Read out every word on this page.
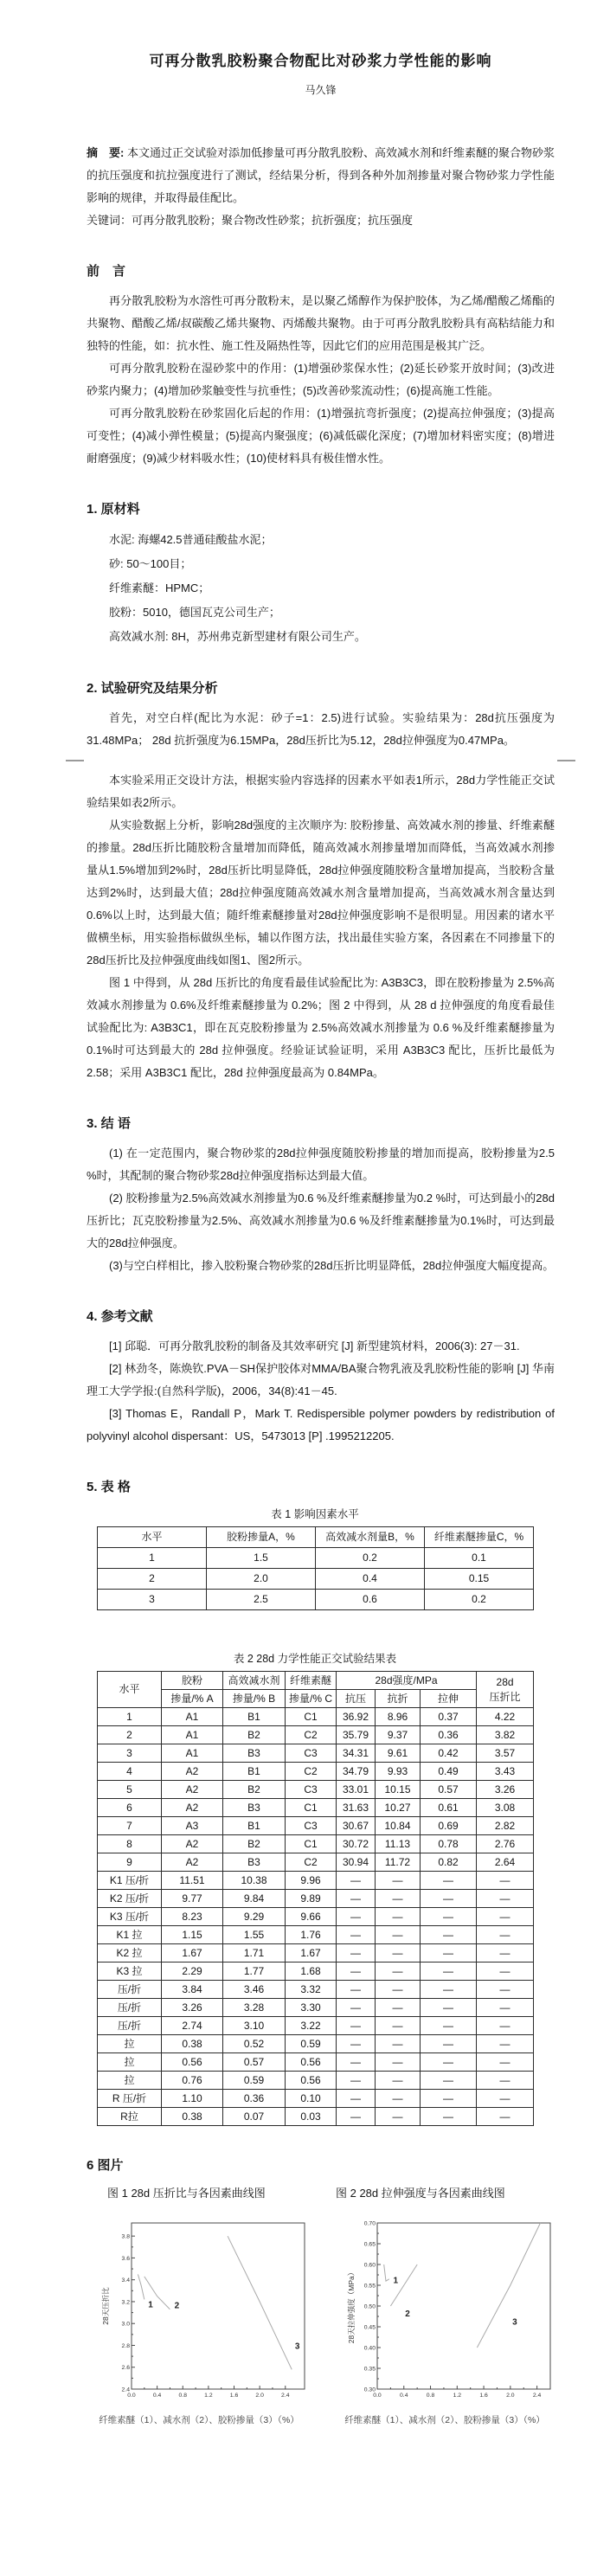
可再分散乳胶粉聚合物配比对砂浆力学性能的影响
马久锋

摘　要: 本文通过正交试验对添加低掺量可再分散乳胶粉、高效减水剂和纤维素醚的聚合物砂浆的抗压强度和抗拉强度进行了测试，经结果分析，得到各种外加剂掺量对聚合物砂浆力学性能影响的规律，并取得最佳配比。

关键词：可再分散乳胶粉；聚合物改性砂浆；抗折强度；抗压强度

前　言

再分散乳胶粉为水溶性可再分散粉末，是以聚乙烯醇作为保护胶体，为乙烯/醋酸乙烯酯的共聚物、醋酸乙烯/叔碳酸乙烯共聚物、丙烯酸共聚物。由于可再分散乳胶粉具有高粘结能力和独特的性能，如：抗水性、施工性及隔热性等，因此它们的应用范围是极其广泛。

可再分散乳胶粉在湿砂浆中的作用：(1)增强砂浆保水性；(2)延长砂浆开放时间；(3)改进砂浆内聚力；(4)增加砂浆触变性与抗垂性；(5)改善砂浆流动性；(6)提高施工性能。

可再分散乳胶粉在砂浆固化后起的作用：(1)增强抗弯折强度；(2)提高拉伸强度；(3)提高可变性；(4)减小弹性模量；(5)提高内聚强度；(6)减低碳化深度；(7)增加材料密实度；(8)增进耐磨强度；(9)减少材料吸水性；(10)使材料具有极佳憎水性。

1. 原材料
水泥: 海螺42.5普通硅酸盐水泥；
砂: 50～100目；
纤维素醚：HPMC；
胶粉：5010，德国瓦克公司生产；
高效减水剂: 8H，苏州弗克新型建材有限公司生产。
2. 试验研究及结果分析

首先，对空白样(配比为水泥：砂子=1：2.5)进行试验。实验结果为：28d抗压强度为31.48MPa； 28d 抗折强度为6.15MPa，28d压折比为5.12，28d拉伸强度为0.47MPa。

本实验采用正交设计方法，根据实验内容选择的因素水平如表1所示，28d力学性能正交试验结果如表2所示。

从实验数据上分析，影响28d强度的主次顺序为: 胶粉掺量、高效减水剂的掺量、纤维素醚的掺量。28d压折比随胶粉含量增加而降低，随高效减水剂掺量增加而降低，当高效减水剂掺量从1.5%增加到2%时，28d压折比明显降低，28d拉伸强度随胶粉含量增加提高，当胶粉含量达到2%时，达到最大值；28d拉伸强度随高效减水剂含量增加提高，当高效减水剂含量达到0.6%以上时，达到最大值；随纤维素醚掺量对28d拉伸强度影响不是很明显。用因素的诸水平做横坐标，用实验指标做纵坐标，辅以作图方法，找出最佳实验方案，各因素在不同掺量下的28d压折比及拉伸强度曲线如图1、图2所示。

图 1 中得到，从 28d 压折比的角度看最佳试验配比为: A3B3C3，即在胶粉掺量为 2.5%高效减水剂掺量为 0.6%及纤维素醚掺量为 0.2%；图 2 中得到，从 28 d 拉伸强度的角度看最佳试验配比为: A3B3C1，即在瓦克胶粉掺量为 2.5%高效减水剂掺量为 0.6 %及纤维素醚掺量为 0.1%时可达到最大的 28d 拉伸强度。经验证试验证明，采用 A3B3C3 配比，压折比最低为 2.58；采用 A3B3C1 配比，28d 拉伸强度最高为 0.84MPa。

3. 结 语

(1) 在一定范围内，聚合物砂浆的28d拉伸强度随胶粉掺量的增加而提高，胶粉掺量为2.5 %时，其配制的聚合物砂浆28d拉伸强度指标达到最大值。

(2) 胶粉掺量为2.5%高效减水剂掺量为0.6 %及纤维素醚掺量为0.2 %时，可达到最小的28d压折比；瓦克胶粉掺量为2.5%、高效减水剂掺量为0.6 %及纤维素醚掺量为0.1%时，可达到最大的28d拉伸强度。

(3)与空白样相比，掺入胶粉聚合物砂浆的28d压折比明显降低，28d拉伸强度大幅度提高。

4. 参考文献

[1] 邱聪．可再分散乳胶粉的制备及其效率研究 [J] 新型建筑材料，2006(3): 27－31.

[2] 林劲冬，陈焕钦.PVA－SH保护胶体对MMA/BA聚合物乳液及乳胶粉性能的影响 [J] 华南理工大学学报:(自然科学版)，2006，34(8):41－45.

[3] Thomas E，Randall P，Mark T. Redispersible polymer powders by redistribution of polyvinyl alcohol dispersant：US，5473013 [P] .1995212205.

5. 表 格
表 1 影响因素水平
水平	胶粉掺量A，%	高效减水剂量B，%	纤维素醚掺量C，%
1	1.5	0.2	0.1
2	2.0	0.4	0.15
3	2.5	0.6	0.2
表 2 28d 力学性能正交试验结果表
水平	胶粉	高效减水剂	纤维素醚	28d强度/MPa			28d
压折比
	掺量/% A	掺量/% B	掺量/% C	抗压	抗折	拉伸	
1	A1	B1	C1	36.92	8.96	0.37	4.22
2	A1	B2	C2	35.79	9.37	0.36	3.82
3	A1	B3	C3	34.31	9.61	0.42	3.57
4	A2	B1	C2	34.79	9.93	0.49	3.43
5	A2	B2	C3	33.01	10.15	0.57	3.26
6	A2	B3	C1	31.63	10.27	0.61	3.08
7	A3	B1	C3	30.67	10.84	0.69	2.82
8	A2	B2	C1	30.72	11.13	0.78	2.76
9	A2	B3	C2	30.94	11.72	0.82	2.64
K1 压/折	11.51	10.38	9.96	—	—	—	—
K2 压/折	9.77	9.84	9.89	—	—	—	—
K3 压/折	8.23	9.29	9.66	—	—	—	—
K1 拉	1.15	1.55	1.76	—	—	—	—
K2 拉	1.67	1.71	1.67	—	—	—	—
K3 拉	2.29	1.77	1.68	—	—	—	—
压/折	3.84	3.46	3.32	—	—	—	—
压/折	3.26	3.28	3.30	—	—	—	—
压/折	2.74	3.10	3.22	—	—	—	—
拉	0.38	0.52	0.59	—	—	—	—
拉	0.56	0.57	0.56	—	—	—	—
拉	0.76	0.59	0.56	—	—	—	—
R 压/折	1.10	0.36	0.10	—	—	—	—
R拉	0.38	0.07	0.03	—	—	—	—
6 图片
图 1 28d 压折比与各因素曲线图
0.0	0.4	0.8	1.2	1.6	2.0	2.4
2.4
2.6
2.8
3.0
3.2
3.4
3.6
3.8
1 2
3
28天压折比
纤维素醚（1）、减水剂（2）、胶粉掺量（3）（%）
图 2 28d 拉伸强度与各因素曲线图
0.0	0.4	0.8	1.2	1.6	2.0	2.4
0.30
0.35
0.40
0.45
0.50
0.55
0.60
0.65
0.70
1
2
3
28天拉伸强度（MPa）
纤维素醚（1）、减水剂（2）、胶粉掺量（3）（%）
